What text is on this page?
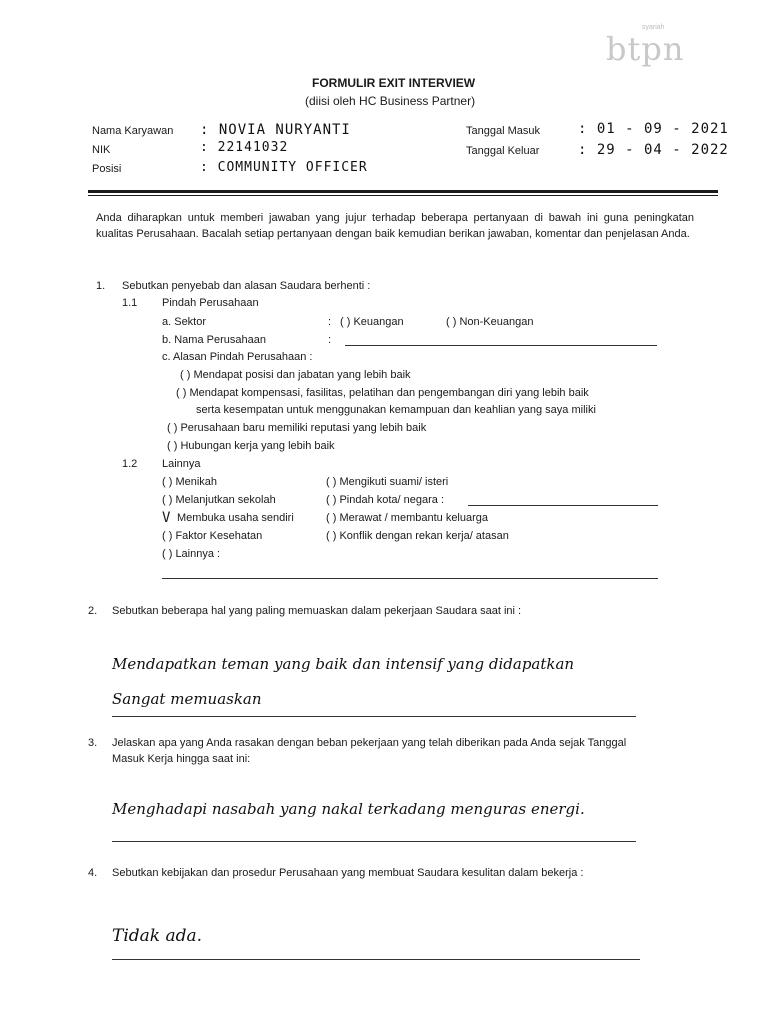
syariah
btpn
FORMULIR EXIT INTERVIEW
(diisi oleh HC Business Partner)
Nama Karyawan : NOVIA NURYANTI
NIK	: 22141032
Posisi	: COMMUNITY OFFICER
Tanggal Masuk	: 01 - 09 - 2021
Tanggal Keluar	: 29 - 04 - 2022
Anda diharapkan untuk memberi jawaban yang jujur terhadap beberapa pertanyaan di bawah ini guna peningkatan kualitas Perusahaan. Bacalah setiap pertanyaan dengan baik kemudian berikan jawaban, komentar dan penjelasan Anda.
1. Sebutkan penyebab dan alasan Saudara berhenti :
1.1 Pindah Perusahaan
a. Sektor	: ( ) Keuangan	( ) Non-Keuangan
b. Nama Perusahaan	:
c. Alasan Pindah Perusahaan :
( ) Mendapat posisi dan jabatan yang lebih baik
( ) Mendapat kompensasi, fasilitas, pelatihan dan pengembangan diri yang lebih baik
serta kesempatan untuk menggunakan kemampuan dan keahlian yang saya miliki
( ) Perusahaan baru memiliki reputasi yang lebih baik
( ) Hubungan kerja yang lebih baik
1.2 Lainnya
( ) Menikah
( ) Melanjutkan sekolah
V Membuka usaha sendiri
( ) Faktor Kesehatan
( ) Lainnya :
( ) Mengikuti suami/ isteri
( ) Pindah kota/ negara :
( ) Merawat / membantu keluarga
( ) Konflik dengan rekan kerja/ atasan
2. Sebutkan beberapa hal yang paling memuaskan dalam pekerjaan Saudara saat ini :
Mendapatkan teman yang baik dan intensif yang didapatkan
Sangat memuaskan
3. Jelaskan apa yang Anda rasakan dengan beban pekerjaan yang telah diberikan pada Anda sejak Tanggal
Masuk Kerja hingga saat ini:
Menghadapi nasabah yang nakal terkadang menguras energi.
4. Sebutkan kebijakan dan prosedur Perusahaan yang membuat Saudara kesulitan dalam bekerja :
Tidak ada.
